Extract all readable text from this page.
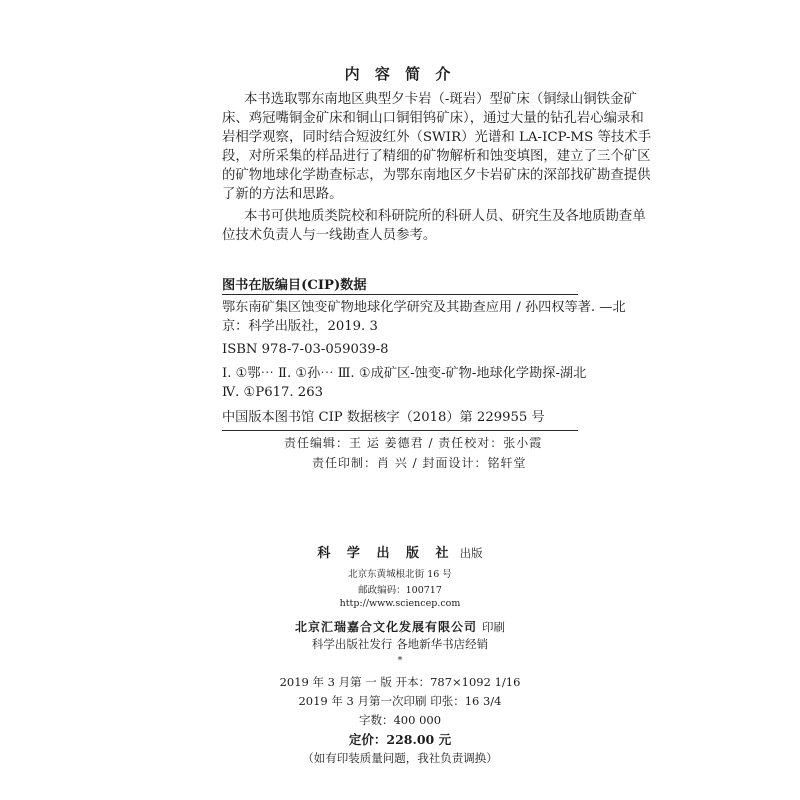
内 容 简 介
本书选取鄂东南地区典型夕卡岩（-斑岩）型矿床（铜绿山铜铁金矿
床、鸡冠嘴铜金矿床和铜山口铜钼钨矿床），通过大量的钻孔岩心编录和
岩相学观察，同时结合短波红外（SWIR）光谱和 LA-ICP-MS 等技术手
段，对所采集的样品进行了精细的矿物解析和蚀变填图，建立了三个矿区
的矿物地球化学勘查标志，为鄂东南地区夕卡岩矿床的深部找矿勘查提供
了新的方法和思路。
本书可供地质类院校和科研院所的科研人员、研究生及各地质勘查单
位技术负责人与一线勘查人员参考。
图书在版编目(CIP)数据
鄂东南矿集区蚀变矿物地球化学研究及其勘查应用 / 孙四权等著. —北
京：科学出版社，2019. 3
ISBN 978-7-03-059039-8
Ⅰ. ①鄂⋯ Ⅱ. ①孙⋯ Ⅲ. ①成矿区-蚀变-矿物-地球化学勘探-湖北
Ⅳ. ①P617. 263
中国版本图书馆 CIP 数据核字（2018）第 229955 号
责任编辑：王 运 姜德君 / 责任校对：张小霞
责任印制：肖 兴 / 封面设计：铭轩堂
科 学 出 版 社 出版
北京东黄城根北街 16 号
邮政编码：100717
http://www.sciencep.com
北京汇瑞嘉合文化发展有限公司 印刷
科学出版社发行 各地新华书店经销
*
2019 年 3 月第 一 版 开本：787×1092 1/16
2019 年 3 月第一次印刷 印张：16 3/4
字数：400 000
定价：228.00 元
（如有印装质量问题，我社负责调换）
